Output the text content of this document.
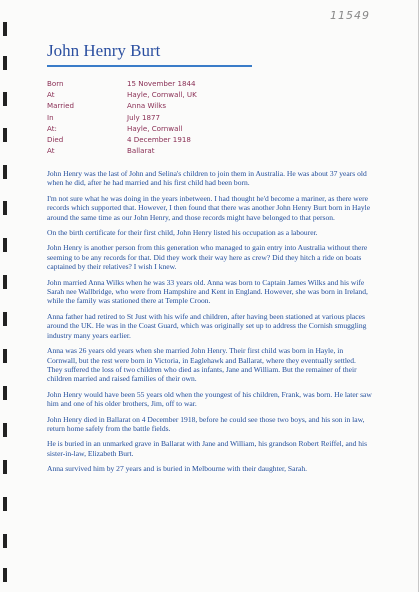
11549
John Henry Burt
Born	15 November 1844
At	Hayle, Cornwall, UK
Married	Anna Wilks
In	July 1877
At:	Hayle, Cornwall
Died	4 December 1918
At	Ballarat

John Henry was the last of John and Selina's children to join them in Australia. He was about 37 years old when he did, after he had married and his first child had been born.

I'm not sure what he was doing in the years inbetween. I had thought he'd become a mariner, as there were records which supported that. However, I then found that there was another John Henry Burt born in Hayle around the same time as our John Henry, and those records might have belonged to that person.

On the birth certificate for their first child, John Henry listed his occupation as a labourer.

John Henry is another person from this generation who managed to gain entry into Australia without there seeming to be any records for that. Did they work their way here as crew? Did they hitch a ride on boats captained by their relatives? I wish I knew.

John married Anna Wilks when he was 33 years old. Anna was born to Captain James Wilks and his wife Sarah nee Wallbridge, who were from Hampshire and Kent in England. However, she was born in Ireland, while the family was stationed there at Temple Croon.

Anna father had retired to St Just with his wife and children, after having been stationed at various places around the UK. He was in the Coast Guard, which was originally set up to address the Cornish smuggling industry many years earlier.

Anna was 26 years old years when she married John Henry. Their first child was born in Hayle, in Cornwall, but the rest were born in Victoria, in Eaglehawk and Ballarat, where they eventually settled. They suffered the loss of two children who died as infants, Jane and William. But the remainer of their children married and raised families of their own.

John Henry would have been 55 years old when the youngest of his children, Frank, was born. He later saw him and one of his older brothers, Jim, off to war.

John Henry died in Ballarat on 4 December 1918, before he could see those two boys, and his son in law, return home safely from the battle fields.

He is buried in an unmarked grave in Ballarat with Jane and William, his grandson Robert Reiffel, and his sister-in-law, Elizabeth Burt.

Anna survived him by 27 years and is buried in Melbourne with their daughter, Sarah.
